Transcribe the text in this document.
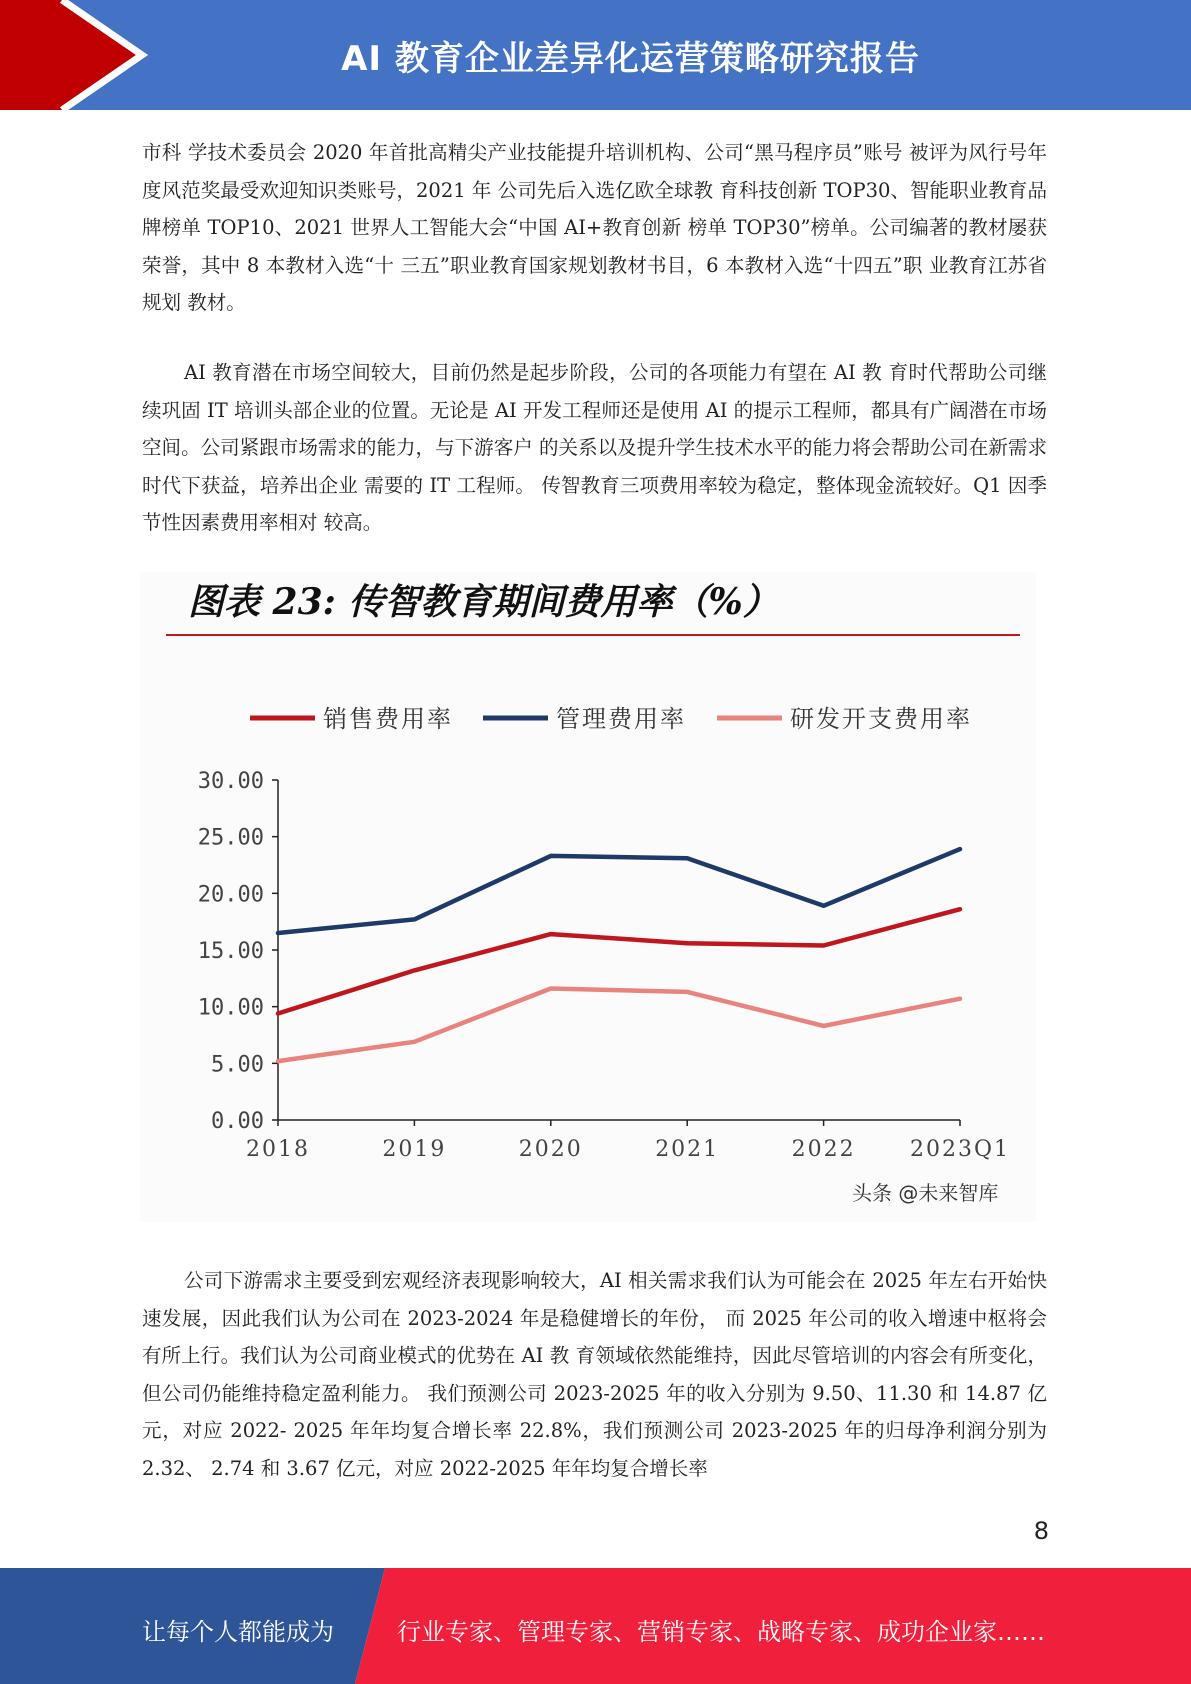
AI 教育企业差异化运营策略研究报告

市科 学技术委员会 2020 年首批高精尖产业技能提升培训机构、公司“黑马程序员”账号 被评为风行号年度风范奖最受欢迎知识类账号，2021 年 公司先后入选亿欧全球教 育科技创新 TOP30、智能职业教育品牌榜单 TOP10、2021 世界人工智能大会“中国 AI+教育创新 榜单 TOP30”榜单。公司编著的教材屡获荣誉，其中 8 本教材入选“十 三五”职业教育国家规划教材书目，6 本教材入选“十四五”职 业教育江苏省规划 教材。

AI 教育潜在市场空间较大，目前仍然是起步阶段，公司的各项能力有望在 AI 教 育时代帮助公司继续巩固 IT 培训头部企业的位置。无论是 AI 开发工程师还是使用 AI 的提示工程师，都具有广阔潜在市场空间。公司紧跟市场需求的能力，与下游客户 的关系以及提升学生技术水平的能力将会帮助公司在新需求时代下获益，培养出企业 需要的 IT 工程师。 传智教育三项费用率较为稳定，整体现金流较好。Q1 因季节性因素费用率相对 较高。

图表 23: 传智教育期间费用率（%）
销售费用率	管理费用率	研发开支费用率
0.00
5.00
10.00
15.00
20.00
25.00
30.00
2018	2019	2020	2021	2022 2023Q1
头条 @未来智库

公司下游需求主要受到宏观经济表现影响较大，AI 相关需求我们认为可能会在 2025 年左右开始快速发展，因此我们认为公司在 2023-2024 年是稳健增长的年份， 而 2025 年公司的收入增速中枢将会有所上行。我们认为公司商业模式的优势在 AI 教 育领域依然能维持，因此尽管培训的内容会有所变化，但公司仍能维持稳定盈利能力。 我们预测公司 2023-2025 年的收入分别为 9.50、11.30 和 14.87 亿元，对应 2022- 2025 年年均复合增长率 22.8%，我们预测公司 2023-2025 年的归母净利润分别为 2.32、 2.74 和 3.67 亿元，对应 2022-2025 年年均复合增长率

8
让每个人都能成为	行业专家、管理专家、营销专家、战略专家、成功企业家……
